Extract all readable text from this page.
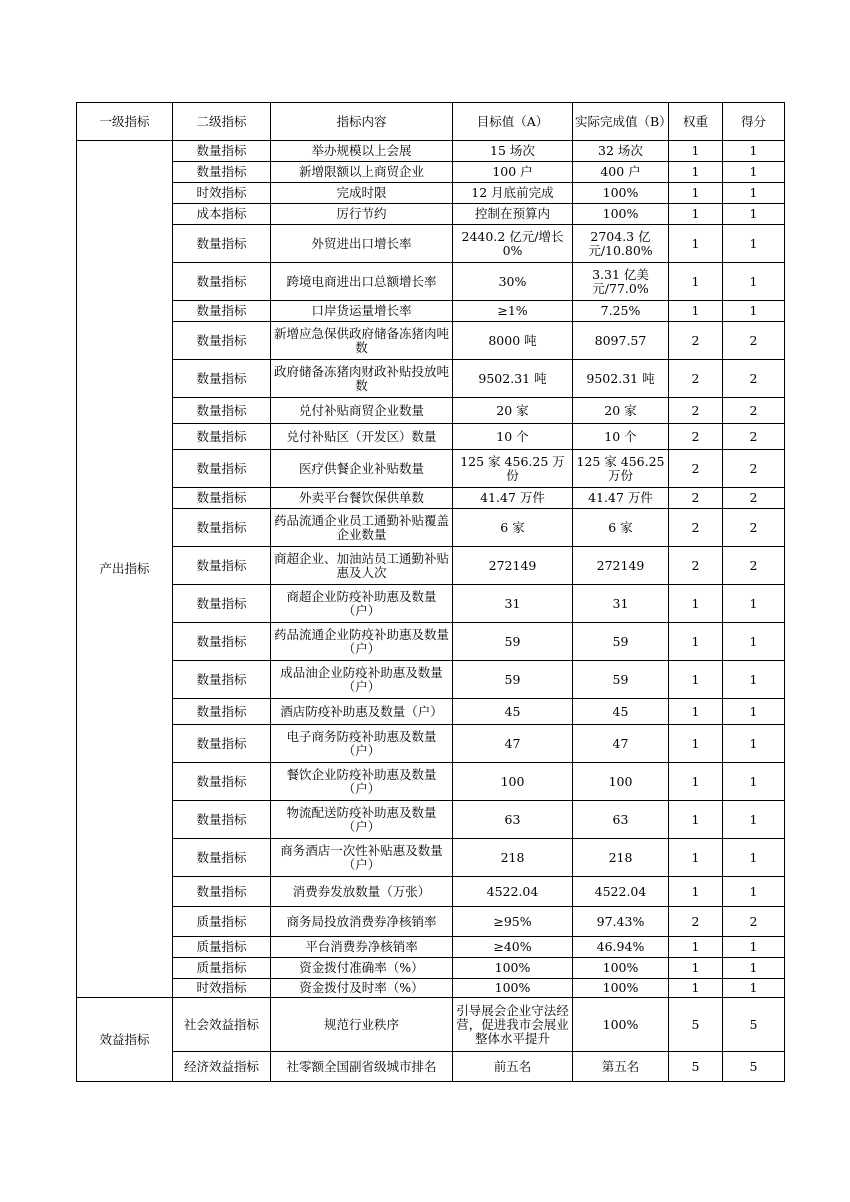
一级指标	二级指标	指标内容	目标值（A）	实际完成值（B）	权重	得分
产出指标	数量指标	举办规模以上会展	15 场次	32 场次	1	1
	数量指标	新增限额以上商贸企业	100 户	400 户	1	1
	时效指标	完成时限	12 月底前完成	100%	1	1
	成本指标	厉行节约	控制在预算内	100%	1	1
	数量指标	外贸进出口增长率	2440.2 亿元/增长 0%	2704.3 亿元/10.80%	1	1
	数量指标	跨境电商进出口总额增长率	30%	3.31 亿美元/77.0%	1	1
	数量指标	口岸货运量增长率	≥1%	7.25%	1	1
	数量指标	新增应急保供政府储备冻猪肉吨数	8000 吨	8097.57	2	2
	数量指标	政府储备冻猪肉财政补贴投放吨数	9502.31 吨	9502.31 吨	2	2
	数量指标	兑付补贴商贸企业数量	20 家	20 家	2	2
	数量指标	兑付补贴区（开发区）数量	10 个	10 个	2	2
	数量指标	医疗供餐企业补贴数量	125 家 456.25 万份	125 家 456.25 万份	2	2
	数量指标	外卖平台餐饮保供单数	41.47 万件	41.47 万件	2	2
	数量指标	药品流通企业员工通勤补贴覆盖企业数量	6 家	6 家	2	2
	数量指标	商超企业、加油站员工通勤补贴惠及人次	272149	272149	2	2
	数量指标	商超企业防疫补助惠及数量（户）	31	31	1	1
	数量指标	药品流通企业防疫补助惠及数量（户）	59	59	1	1
	数量指标	成品油企业防疫补助惠及数量（户）	59	59	1	1
	数量指标	酒店防疫补助惠及数量（户）	45	45	1	1
	数量指标	电子商务防疫补助惠及数量（户）	47	47	1	1
	数量指标	餐饮企业防疫补助惠及数量（户）	100	100	1	1
	数量指标	物流配送防疫补助惠及数量（户）	63	63	1	1
	数量指标	商务酒店一次性补贴惠及数量（户）	218	218	1	1
	数量指标	消费券发放数量（万张）	4522.04	4522.04	1	1
	质量指标	商务局投放消费券净核销率	≥95%	97.43%	2	2
	质量指标	平台消费券净核销率	≥40%	46.94%	1	1
	质量指标	资金拨付准确率（%）	100%	100%	1	1
	时效指标	资金拨付及时率（%）	100%	100%	1	1
效益指标	社会效益指标	规范行业秩序	引导展会企业守法经营，促进我市会展业整体水平提升	100%	5	5
	经济效益指标	社零额全国副省级城市排名	前五名	第五名	5	5
